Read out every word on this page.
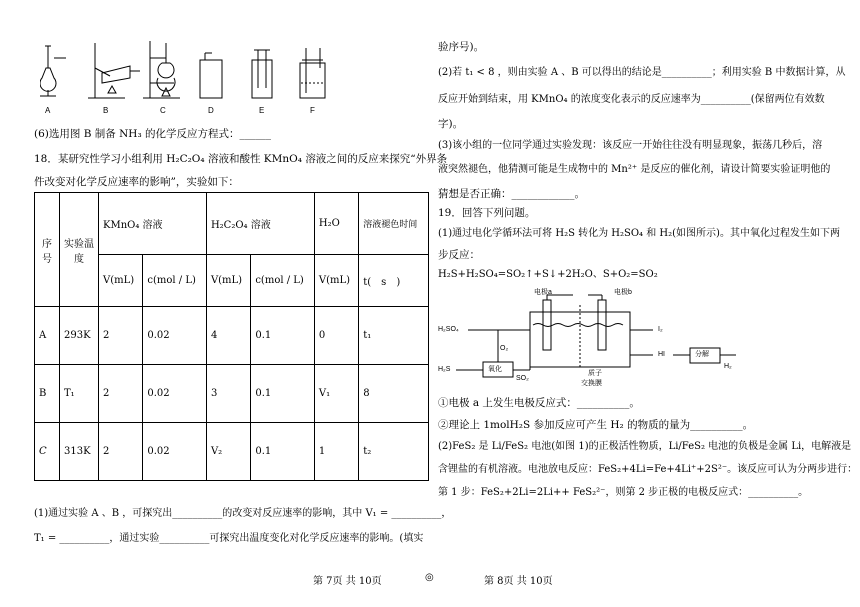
A	B	C	D	E	F
(6)选用图 B 制备 NH₃ 的化学反应方程式：______
18．某研究性学习小组利用 H₂C₂O₄ 溶液和酸性 KMnO₄ 溶液之间的反应来探究“外界条
件改变对化学反应速率的影响”，实验如下：
序号	实验温度	KMnO₄ 溶液		H₂C₂O₄ 溶液		H₂O	溶液褪色时间
		V(mL)	c(mol / L)	V(mL)	c(mol / L)	V(mL)	t(　s　)
A	293K	2	0.02	4	0.1	0	t₁
B	T₁	2	0.02	3	0.1	V₁	8
C	313K	2	0.02	V₂	0.1	1	t₂
(1)通过实验 A 、B ，可探究出__________的改变对反应速率的影响，其中 V₁ = __________，
T₁ = __________，通过实验__________可探究出温度变化对化学反应速率的影响。(填实
验序号)。
(2)若 t₁ < 8 ，则由实验 A 、B 可以得出的结论是__________；利用实验 B 中数据计算，从
反应开始到结束，用 KMnO₄ 的浓度变化表示的反应速率为__________(保留两位有效数
字)。
(3)该小组的一位同学通过实验发现：该反应一开始往往没有明显现象，振荡几秒后，溶
液突然褪色，他猜测可能是生成物中的 Mn²⁺ 是反应的催化剂，请设计简要实验证明他的
猜想是否正确：____________。
19．回答下列问题。
(1)通过电化学循环法可将 H₂S 转化为 H₂SO₄ 和 H₂(如图所示)。其中氧化过程发生如下两
步反应：
H₂S+H₂SO₄=SO₂↑+S↓+2H₂O、S+O₂=SO₂
电极a	电极b
H₂SO₄	I₂
O₂
HI	分解
H₂
H₂S	氧化
SO₂
质子
交换膜
①电极 a 上发生电极反应式：__________。
②理论上 1molH₂S 参加反应可产生 H₂ 的物质的量为__________。
(2)FeS₂ 是 Li/FeS₂ 电池(如图 1)的正极活性物质，Li/FeS₂ 电池的负极是金属 Li，电解液是
含锂盐的有机溶液。电池放电反应：FeS₂+4Li=Fe+4Li⁺+2S²⁻。该反应可认为分两步进行：
第 1 步：FeS₂+2Li=2Li++ FeS₂²⁻，则第 2 步正极的电极反应式：__________。
第 7页 共 10页	◎	第 8页 共 10页
